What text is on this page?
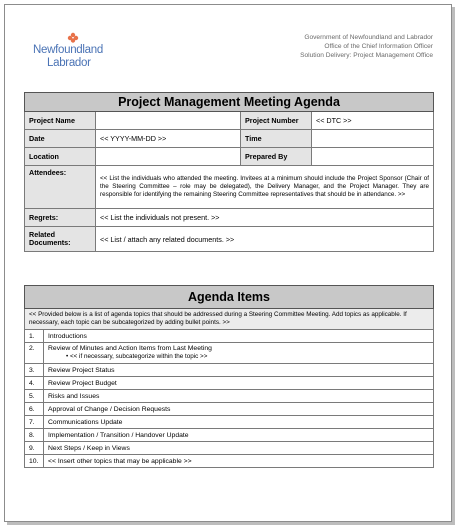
Newfoundland
Labrador
Government of Newfoundland and Labrador
Office of the Chief Information Officer
Solution Delivery: Project Management Office
Project Management Meeting Agenda			
Project Name		Project Number	<< DTC >>
Date	<< YYYY-MM-DD >>	Time	
Location		Prepared By	
Attendees:	<< List the individuals who attended the meeting. Invitees at a minimum should include the Project Sponsor (Chair of the Steering Committee – role may be delegated), the Delivery Manager, and the Project Manager. They are responsible for identifying the remaining Steering Committee representatives that should be in attendance. >>		
Regrets:	<< List the individuals not present. >>		
Related Documents:	<< List / attach any related documents. >>		
Agenda Items	
<< Provided below is a list of agenda topics that should be addressed during a Steering Committee Meeting. Add topics as applicable. If necessary, each topic can be subcategorized by adding bullet points. >>	
1.	Introductions
2.	Review of Minutes and Action Items from Last Meeting
• << if necessary, subcategorize within the topic >>

3.	Review Project Status
4.	Review Project Budget
5.	Risks and Issues
6.	Approval of Change / Decision Requests
7.	Communications Update
8.	Implementation / Transition / Handover Update
9.	Next Steps / Keep in Views
10.	<< Insert other topics that may be applicable >>
